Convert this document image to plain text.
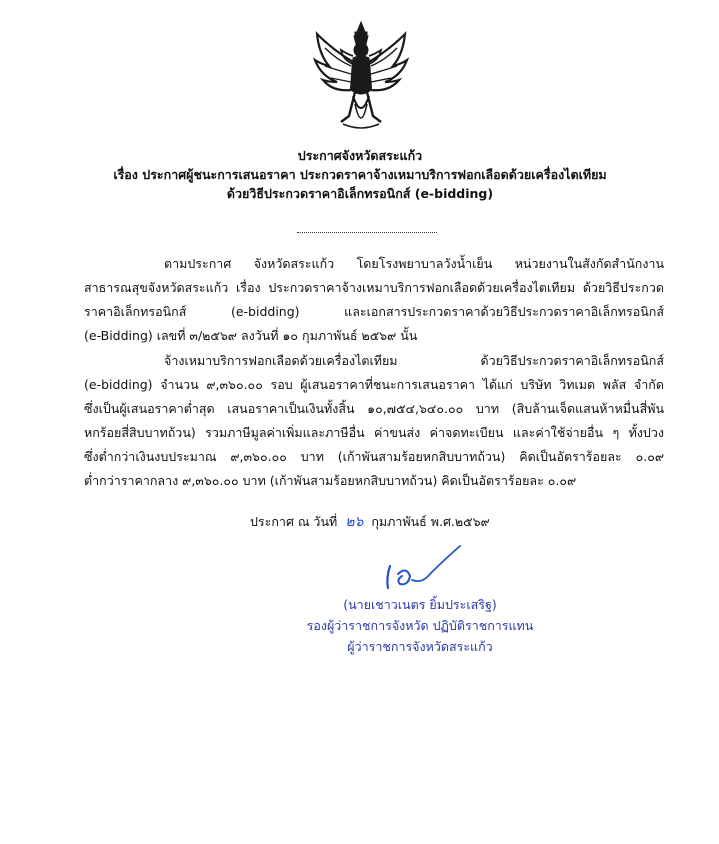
ประกาศจังหวัดสระแก้ว
เรื่อง ประกาศผู้ชนะการเสนอราคา ประกวดราคาจ้างเหมาบริการฟอกเลือดด้วยเครื่องไตเทียม
ด้วยวิธีประกวดราคาอิเล็กทรอนิกส์ (e-bidding)
ตามประกาศ จังหวัดสระแก้ว โดยโรงพยาบาลวังน้ำเย็น หน่วยงานในสังกัดสำนักงาน
สาธารณสุขจังหวัดสระแก้ว เรื่อง ประกวดราคาจ้างเหมาบริการฟอกเลือดด้วยเครื่องไตเทียม ด้วยวิธีประกวด
ราคาอิเล็กทรอนิกส์ (e-bidding) และเอกสารประกวดราคาด้วยวิธีประกวดราคาอิเล็กทรอนิกส์
(e-Bidding) เลขที่ ๓/๒๕๖๙ ลงวันที่ ๑๐ กุมภาพันธ์ ๒๕๖๙ นั้น
จ้างเหมาบริการฟอกเลือดด้วยเครื่องไตเทียม ด้วยวิธีประกวดราคาอิเล็กทรอนิกส์
(e-bidding) จำนวน ๙,๓๖๐.๐๐ รอบ ผู้เสนอราคาที่ชนะการเสนอราคา ได้แก่ บริษัท วิทเมด พลัส จำกัด
ซึ่งเป็นผู้เสนอราคาต่ำสุด เสนอราคาเป็นเงินทั้งสิ้น ๑๐,๗๕๔,๖๔๐.๐๐ บาท (สิบล้านเจ็ดแสนห้าหมื่นสี่พัน
หกร้อยสี่สิบบาทถ้วน) รวมภาษีมูลค่าเพิ่มและภาษีอื่น ค่าขนส่ง ค่าจดทะเบียน และค่าใช้จ่ายอื่น ๆ ทั้งปวง
ซึ่งต่ำกว่าเงินงบประมาณ ๙,๓๖๐.๐๐ บาท (เก้าพันสามร้อยหกสิบบาทถ้วน) คิดเป็นอัตราร้อยละ ๐.๐๙
ต่ำกว่าราคากลาง ๙,๓๖๐.๐๐ บาท (เก้าพันสามร้อยหกสิบบาทถ้วน) คิดเป็นอัตราร้อยละ ๐.๐๙
ประกาศ ณ วันที่ ๒๖ กุมภาพันธ์ พ.ศ.๒๕๖๙
(นายเชาวเนตร ยิ้มประเสริฐ)
รองผู้ว่าราชการจังหวัด ปฏิบัติราชการแทน
ผู้ว่าราชการจังหวัดสระแก้ว
